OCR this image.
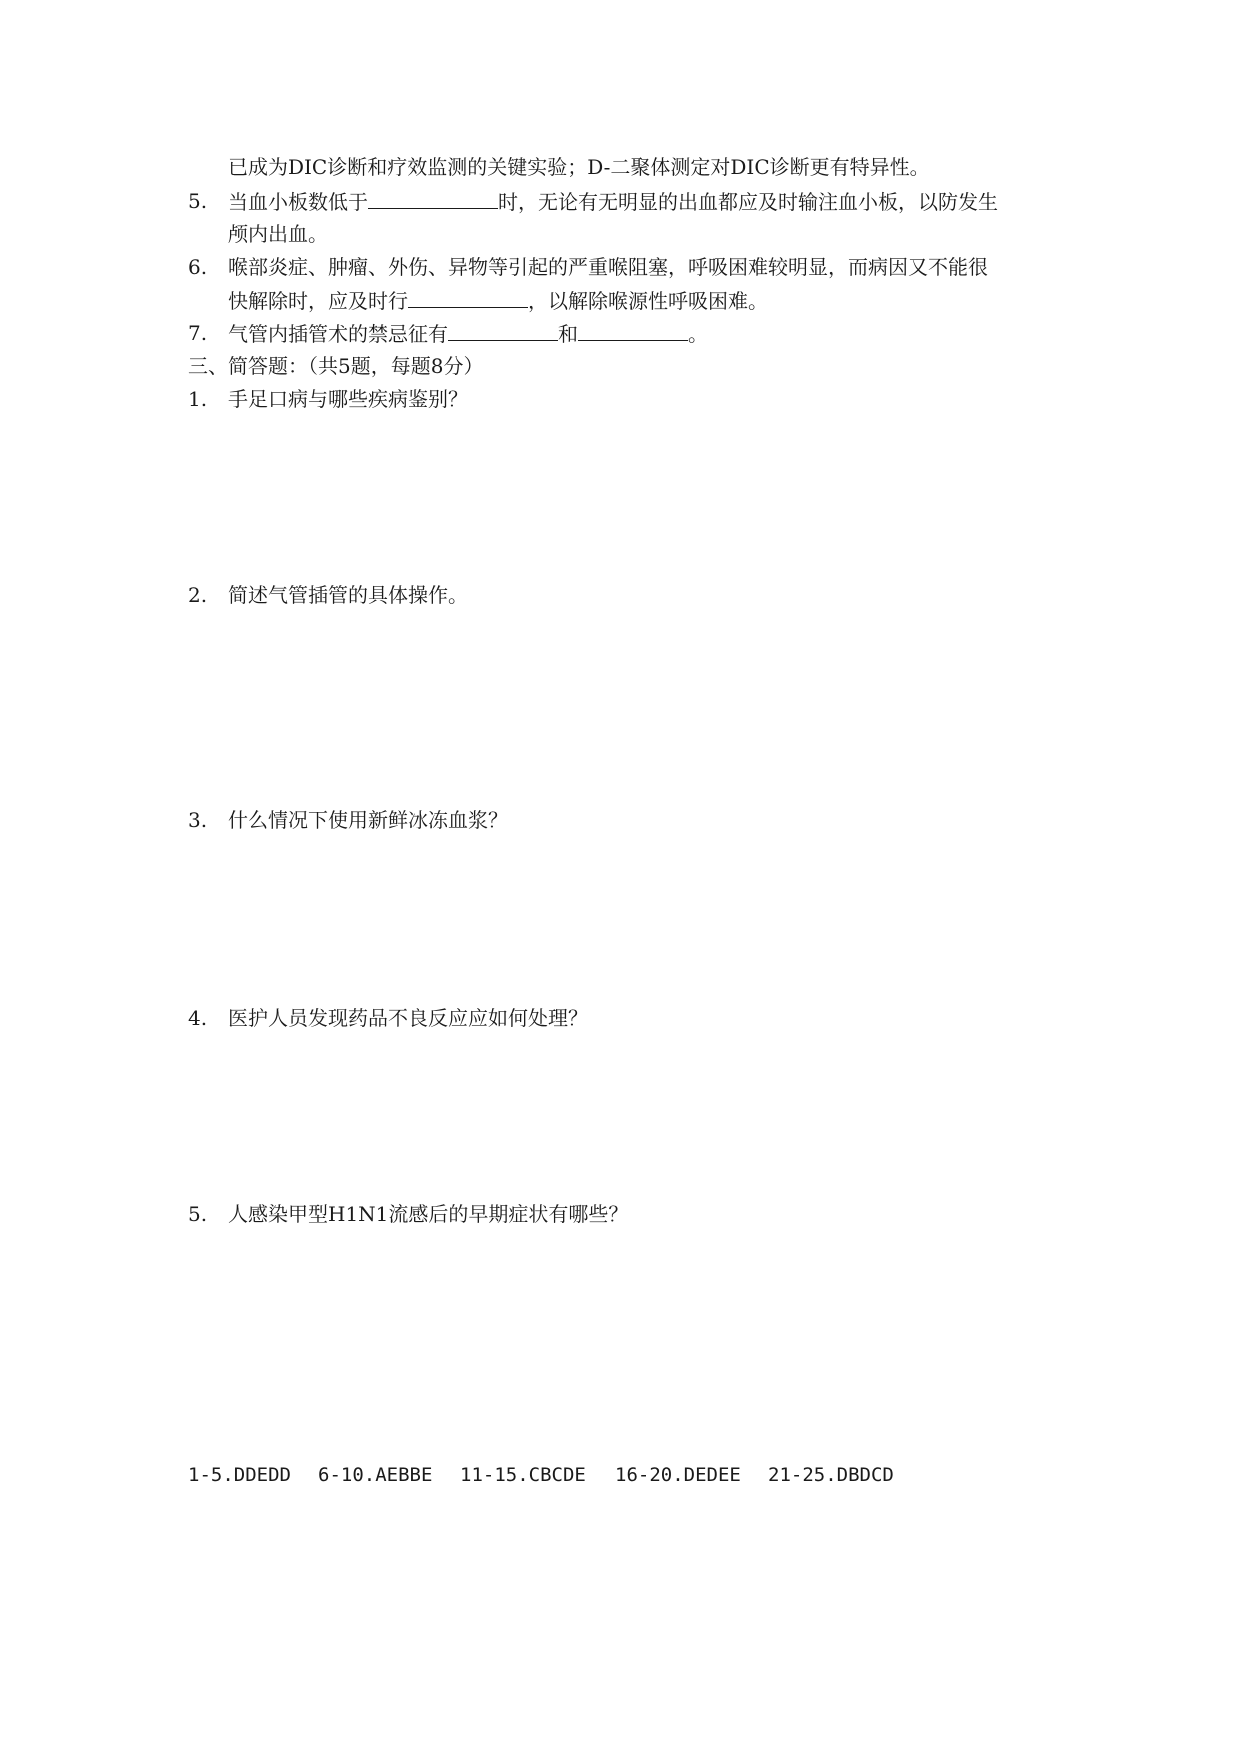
已成为DIC诊断和疗效监测的关键实验；D-二聚体测定对DIC诊断更有特异性。
5. 当血小板数低于	时，无论有无明显的出血都应及时输注血小板，以防发生
颅内出血。
6. 喉部炎症、肿瘤、外伤、异物等引起的严重喉阻塞，呼吸困难较明显，而病因又不能很
快解除时，应及时行	，以解除喉源性呼吸困难。
7. 气管内插管术的禁忌征有	和	。
三、简答题：（共5题，每题8分）
1. 手足口病与哪些疾病鉴别？
2. 简述气管插管的具体操作。
3. 什么情况下使用新鲜冰冻血浆？
4. 医护人员发现药品不良反应应如何处理？
5. 人感染甲型H1N1流感后的早期症状有哪些？
1-5.DDEDD 6-10.AEBBE 11-15.CBCDE 16-20.DEDEE 21-25.DBDCD
